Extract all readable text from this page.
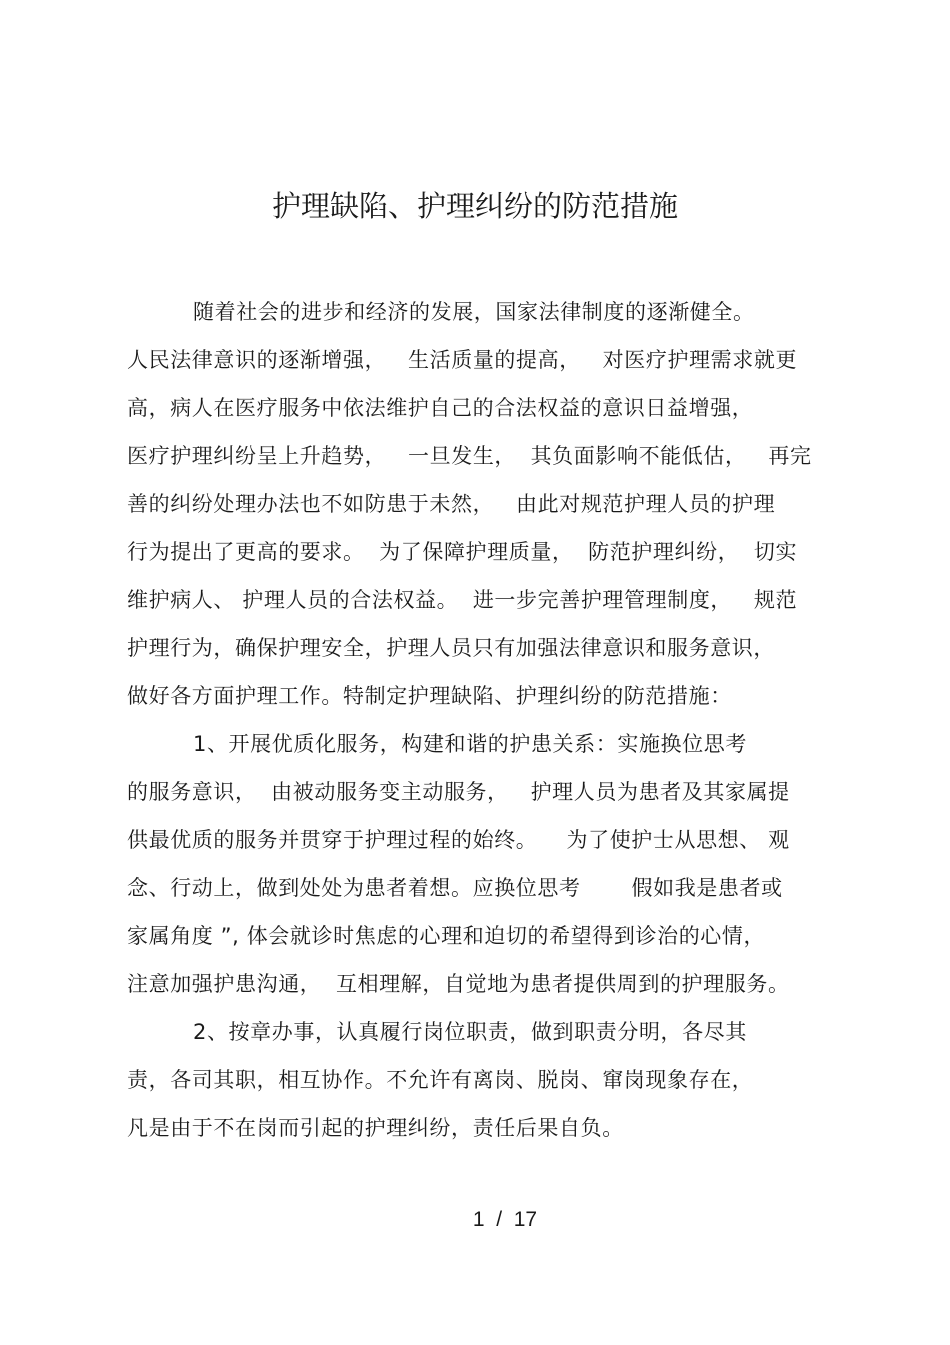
护理缺陷、护理纠纷的防范措施
随着社会的进步和经济的发展，国家法律制度的逐渐健全。
人民法律意识的逐渐增强，   生活质量的提高，   对医疗护理需求就更
高，病人在医疗服务中依法维护自己的合法权益的意识日益增强，
医疗护理纠纷呈上升趋势，   一旦发生，  其负面影响不能低估，   再完
善的纠纷处理办法也不如防患于未然，   由此对规范护理人员的护理
行为提出了更高的要求。  为了保障护理质量，  防范护理纠纷，  切实
维护病人、 护理人员的合法权益。  进一步完善护理管理制度，   规范
护理行为，确保护理安全，护理人员只有加强法律意识和服务意识，
做好各方面护理工作。特制定护理缺陷、护理纠纷的防范措施：
1、开展优质化服务，构建和谐的护患关系：实施换位思考
的服务意识，  由被动服务变主动服务，   护理人员为患者及其家属提
供最优质的服务并贯穿于护理过程的始终。    为了使护士从思想、 观
念、行动上，做到处处为患者着想。应换位思考       假如我是患者或
家属角度 ”, 体会就诊时焦虑的心理和迫切的希望得到诊治的心情，
注意加强护患沟通，  互相理解，自觉地为患者提供周到的护理服务。
2、按章办事，认真履行岗位职责，做到职责分明，各尽其
责，各司其职，相互协作。不允许有离岗、脱岗、窜岗现象存在，
凡是由于不在岗而引起的护理纠纷，责任后果自负。
1  /  17
